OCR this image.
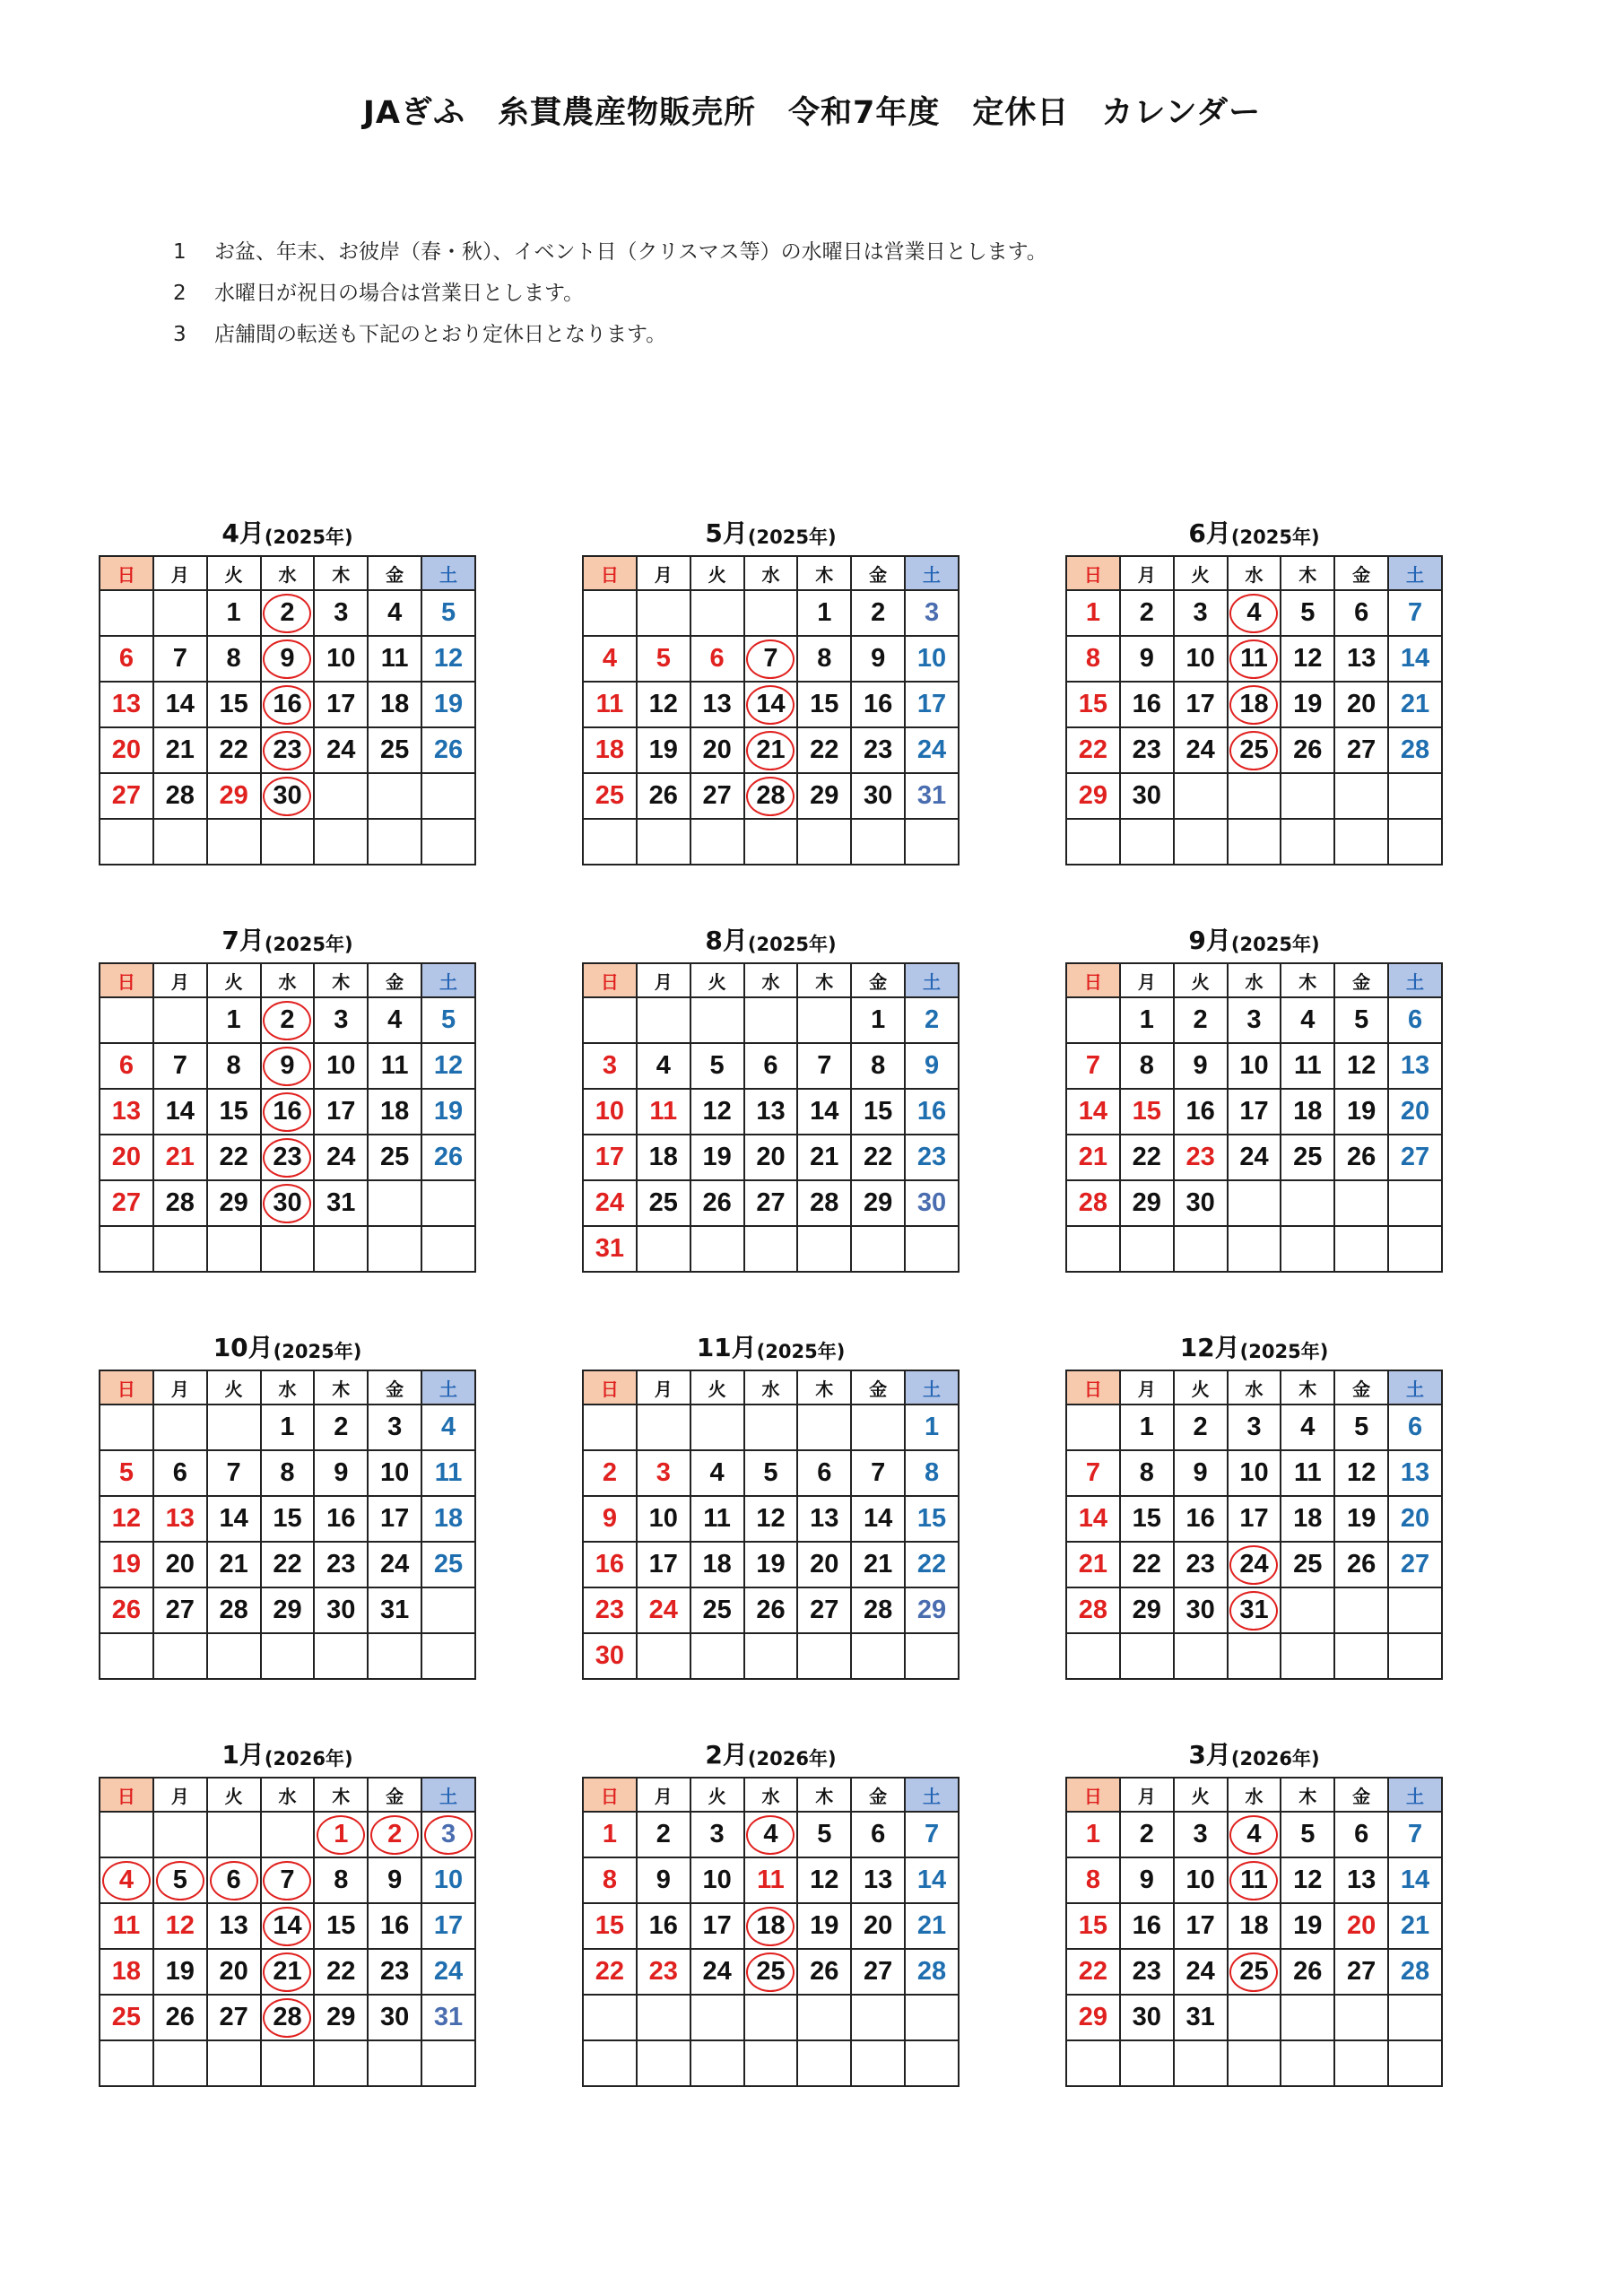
JAぎふ　糸貫農産物販売所　令和7年度　定休日　カレンダー
1	お盆、年末、お彼岸（春・秋）、イベント日（クリスマス等）の水曜日は営業日とします。
2	水曜日が祝日の場合は営業日とします。
3	店舗間の転送も下記のとおり定休日となります。
4月 (2025年)
日	月	火	水	木	金	土
		1	2	3	4	5
6	7	8	9	10	11	12
13	14	15	16	17	18	19
20	21	22	23	24	25	26
27	28	29	30			

5月 (2025年)
日	月	火	水	木	金	土
				1	2	3
4	5	6	7	8	9	10
11	12	13	14	15	16	17
18	19	20	21	22	23	24
25	26	27	28	29	30	31

6月 (2025年)
日	月	火	水	木	金	土
1	2	3	4	5	6	7
8	9	10	11	12	13	14
15	16	17	18	19	20	21
22	23	24	25	26	27	28
29	30					

7月 (2025年)
日	月	火	水	木	金	土
		1	2	3	4	5
6	7	8	9	10	11	12
13	14	15	16	17	18	19
20	21	22	23	24	25	26
27	28	29	30	31		

8月 (2025年)
日	月	火	水	木	金	土
					1	2
3	4	5	6	7	8	9
10	11	12	13	14	15	16
17	18	19	20	21	22	23
24	25	26	27	28	29	30
31						
9月 (2025年)
日	月	火	水	木	金	土
	1	2	3	4	5	6
7	8	9	10	11	12	13
14	15	16	17	18	19	20
21	22	23	24	25	26	27
28	29	30				

10月 (2025年)
日	月	火	水	木	金	土
			1	2	3	4
5	6	7	8	9	10	11
12	13	14	15	16	17	18
19	20	21	22	23	24	25
26	27	28	29	30	31	

11月 (2025年)
日	月	火	水	木	金	土
						1
2	3	4	5	6	7	8
9	10	11	12	13	14	15
16	17	18	19	20	21	22
23	24	25	26	27	28	29
30						
12月 (2025年)
日	月	火	水	木	金	土
	1	2	3	4	5	6
7	8	9	10	11	12	13
14	15	16	17	18	19	20
21	22	23	24	25	26	27
28	29	30	31			

1月 (2026年)
日	月	火	水	木	金	土
				1	2	3
4	5	6	7	8	9	10
11	12	13	14	15	16	17
18	19	20	21	22	23	24
25	26	27	28	29	30	31

2月 (2026年)
日	月	火	水	木	金	土
1	2	3	4	5	6	7
8	9	10	11	12	13	14
15	16	17	18	19	20	21
22	23	24	25	26	27	28

3月 (2026年)
日	月	火	水	木	金	土
1	2	3	4	5	6	7
8	9	10	11	12	13	14
15	16	17	18	19	20	21
22	23	24	25	26	27	28
29	30	31				
